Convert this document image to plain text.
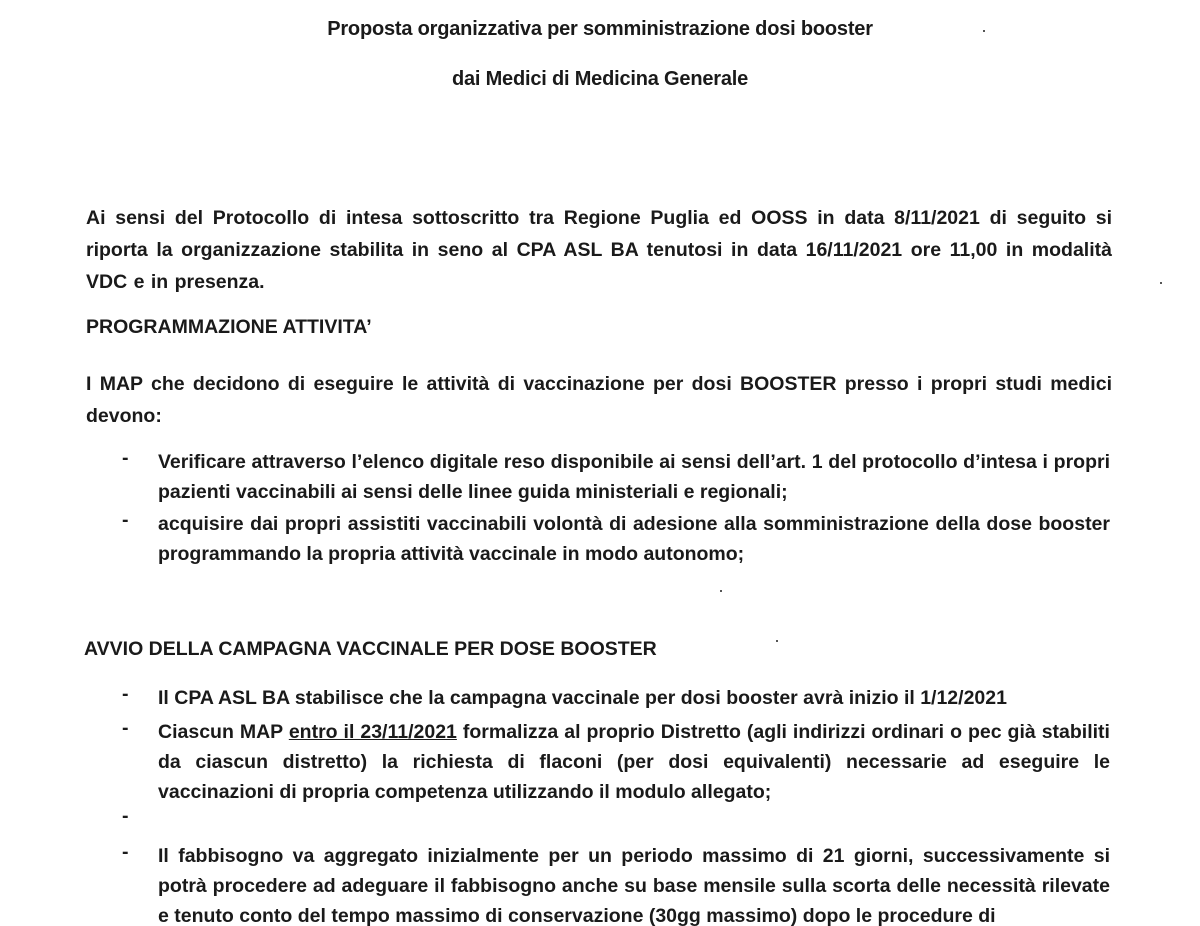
Proposta organizzativa per somministrazione dosi booster
dai Medici di Medicina Generale
Ai sensi del Protocollo di intesa sottoscritto tra Regione Puglia ed OOSS in data 8/11/2021 di seguito si riporta la organizzazione stabilita in seno al CPA ASL BA tenutosi in data 16/11/2021 ore 11,00 in modalità VDC e in presenza.
PROGRAMMAZIONE ATTIVITA’
I MAP che decidono di eseguire le attività di vaccinazione per dosi BOOSTER presso i propri studi medici devono:
- Verificare attraverso l’elenco digitale reso disponibile ai sensi dell’art. 1 del protocollo d’intesa i propri pazienti vaccinabili ai sensi delle linee guida ministeriali e regionali;
- acquisire dai propri assistiti vaccinabili volontà di adesione alla somministrazione della dose booster programmando la propria attività vaccinale in modo autonomo;
AVVIO DELLA CAMPAGNA VACCINALE PER DOSE BOOSTER
- Il CPA ASL BA stabilisce che la campagna vaccinale per dosi booster avrà inizio il 1/12/2021
- Ciascun MAP entro il 23/11/2021 formalizza al proprio Distretto (agli indirizzi ordinari o pec già stabiliti da ciascun distretto) la richiesta di flaconi (per dosi equivalenti) necessarie ad eseguire le vaccinazioni di propria competenza utilizzando il modulo allegato;
-
- Il fabbisogno va aggregato inizialmente per un periodo massimo di 21 giorni, successivamente si potrà procedere ad adeguare il fabbisogno anche su base mensile sulla scorta delle necessità rilevate e tenuto conto del tempo massimo di conservazione (30gg massimo) dopo le procedure di
